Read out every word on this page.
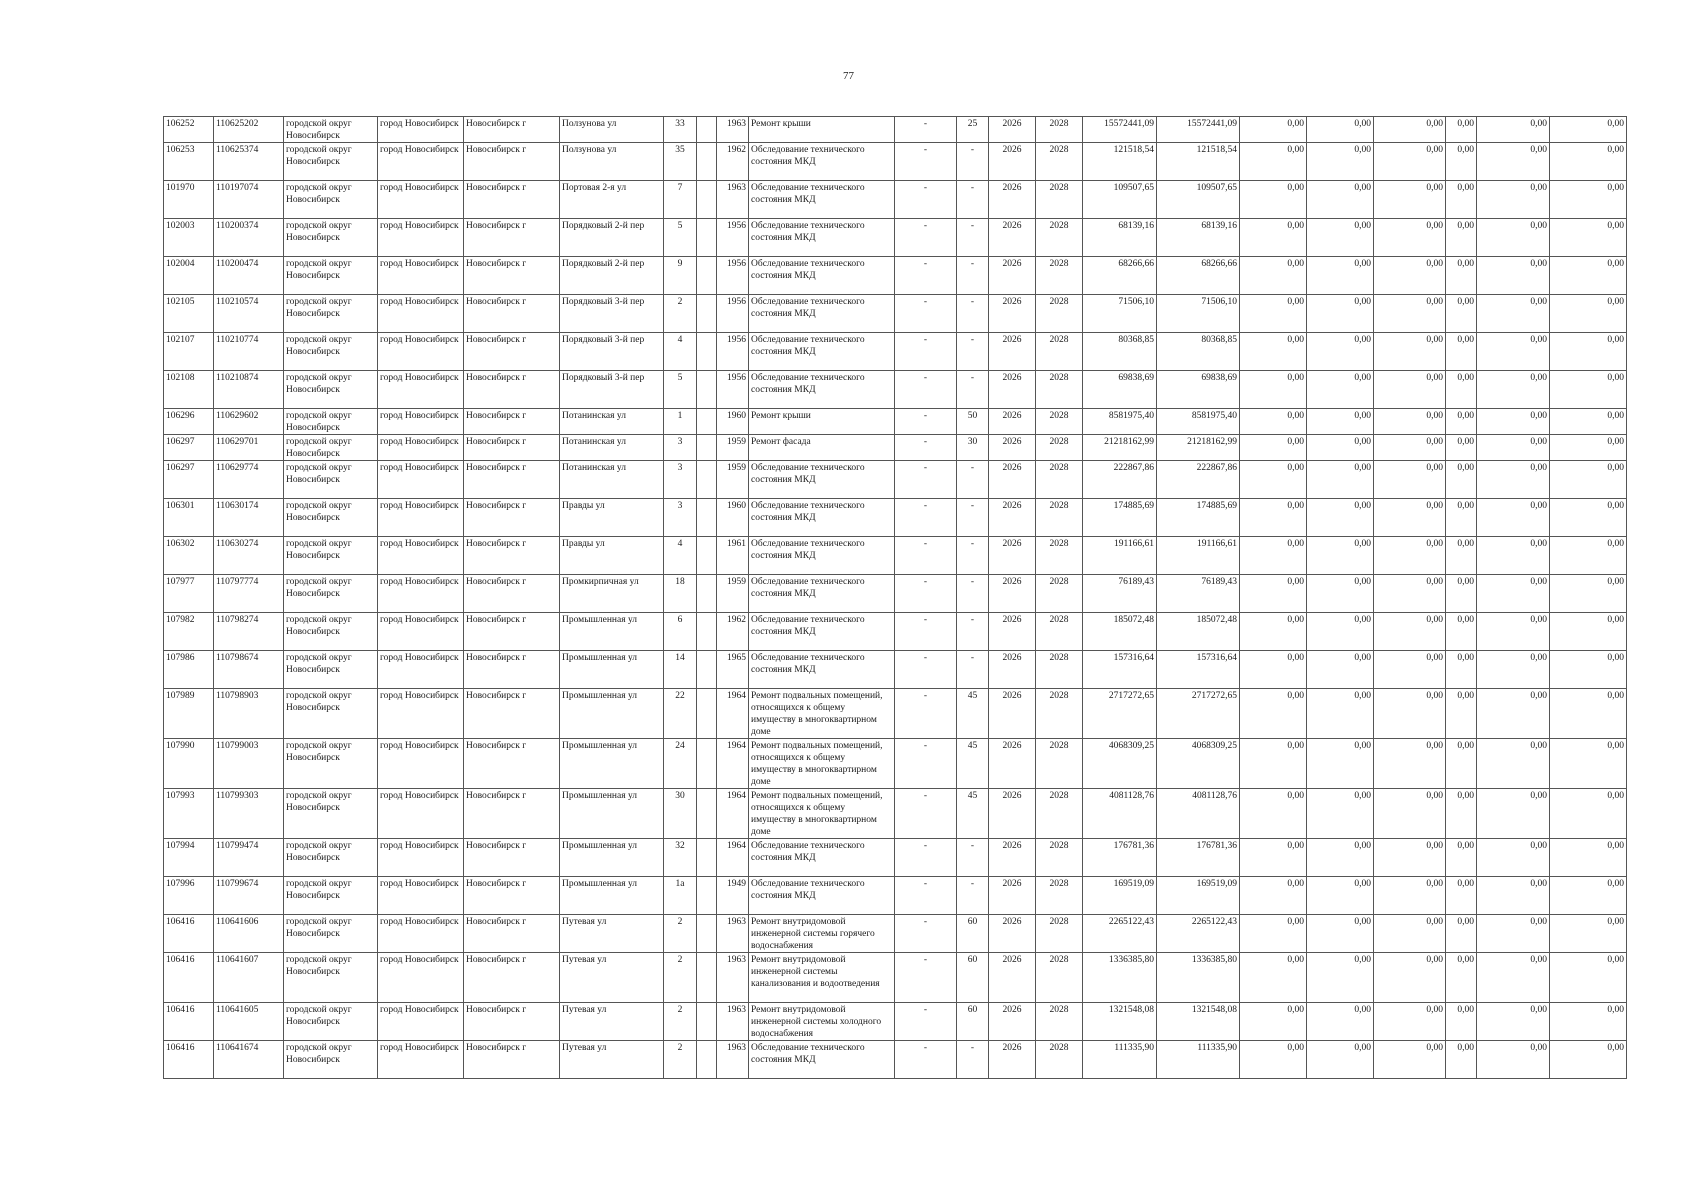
77
106252	110625202	городской округ Новосибирск	город Новосибирск	Новосибирск г	Ползунова ул	33		1963	Ремонт крыши	-	25	2026	2028	15572441,09	15572441,09	0,00	0,00	0,00	0,00	0,00	0,00
106253	110625374	городской округ Новосибирск	город Новосибирск	Новосибирск г	Ползунова ул	35		1962	Обследование технического состояния МКД	-	-	2026	2028	121518,54	121518,54	0,00	0,00	0,00	0,00	0,00	0,00
101970	110197074	городской округ Новосибирск	город Новосибирск	Новосибирск г	Портовая 2-я ул	7		1963	Обследование технического состояния МКД	-	-	2026	2028	109507,65	109507,65	0,00	0,00	0,00	0,00	0,00	0,00
102003	110200374	городской округ Новосибирск	город Новосибирск	Новосибирск г	Порядковый 2-й пер	5		1956	Обследование технического состояния МКД	-	-	2026	2028	68139,16	68139,16	0,00	0,00	0,00	0,00	0,00	0,00
102004	110200474	городской округ Новосибирск	город Новосибирск	Новосибирск г	Порядковый 2-й пер	9		1956	Обследование технического состояния МКД	-	-	2026	2028	68266,66	68266,66	0,00	0,00	0,00	0,00	0,00	0,00
102105	110210574	городской округ Новосибирск	город Новосибирск	Новосибирск г	Порядковый 3-й пер	2		1956	Обследование технического состояния МКД	-	-	2026	2028	71506,10	71506,10	0,00	0,00	0,00	0,00	0,00	0,00
102107	110210774	городской округ Новосибирск	город Новосибирск	Новосибирск г	Порядковый 3-й пер	4		1956	Обследование технического состояния МКД	-	-	2026	2028	80368,85	80368,85	0,00	0,00	0,00	0,00	0,00	0,00
102108	110210874	городской округ Новосибирск	город Новосибирск	Новосибирск г	Порядковый 3-й пер	5		1956	Обследование технического состояния МКД	-	-	2026	2028	69838,69	69838,69	0,00	0,00	0,00	0,00	0,00	0,00
106296	110629602	городской округ Новосибирск	город Новосибирск	Новосибирск г	Потанинская ул	1		1960	Ремонт крыши	-	50	2026	2028	8581975,40	8581975,40	0,00	0,00	0,00	0,00	0,00	0,00
106297	110629701	городской округ Новосибирск	город Новосибирск	Новосибирск г	Потанинская ул	3		1959	Ремонт фасада	-	30	2026	2028	21218162,99	21218162,99	0,00	0,00	0,00	0,00	0,00	0,00
106297	110629774	городской округ Новосибирск	город Новосибирск	Новосибирск г	Потанинская ул	3		1959	Обследование технического состояния МКД	-	-	2026	2028	222867,86	222867,86	0,00	0,00	0,00	0,00	0,00	0,00
106301	110630174	городской округ Новосибирск	город Новосибирск	Новосибирск г	Правды ул	3		1960	Обследование технического состояния МКД	-	-	2026	2028	174885,69	174885,69	0,00	0,00	0,00	0,00	0,00	0,00
106302	110630274	городской округ Новосибирск	город Новосибирск	Новосибирск г	Правды ул	4		1961	Обследование технического состояния МКД	-	-	2026	2028	191166,61	191166,61	0,00	0,00	0,00	0,00	0,00	0,00
107977	110797774	городской округ Новосибирск	город Новосибирск	Новосибирск г	Промкирпичная ул	18		1959	Обследование технического состояния МКД	-	-	2026	2028	76189,43	76189,43	0,00	0,00	0,00	0,00	0,00	0,00
107982	110798274	городской округ Новосибирск	город Новосибирск	Новосибирск г	Промышленная ул	6		1962	Обследование технического состояния МКД	-	-	2026	2028	185072,48	185072,48	0,00	0,00	0,00	0,00	0,00	0,00
107986	110798674	городской округ Новосибирск	город Новосибирск	Новосибирск г	Промышленная ул	14		1965	Обследование технического состояния МКД	-	-	2026	2028	157316,64	157316,64	0,00	0,00	0,00	0,00	0,00	0,00
107989	110798903	городской округ Новосибирск	город Новосибирск	Новосибирск г	Промышленная ул	22		1964	Ремонт подвальных помещений, относящихся к общему имуществу в многоквартирном доме	-	45	2026	2028	2717272,65	2717272,65	0,00	0,00	0,00	0,00	0,00	0,00
107990	110799003	городской округ Новосибирск	город Новосибирск	Новосибирск г	Промышленная ул	24		1964	Ремонт подвальных помещений, относящихся к общему имуществу в многоквартирном доме	-	45	2026	2028	4068309,25	4068309,25	0,00	0,00	0,00	0,00	0,00	0,00
107993	110799303	городской округ Новосибирск	город Новосибирск	Новосибирск г	Промышленная ул	30		1964	Ремонт подвальных помещений, относящихся к общему имуществу в многоквартирном доме	-	45	2026	2028	4081128,76	4081128,76	0,00	0,00	0,00	0,00	0,00	0,00
107994	110799474	городской округ Новосибирск	город Новосибирск	Новосибирск г	Промышленная ул	32		1964	Обследование технического состояния МКД	-	-	2026	2028	176781,36	176781,36	0,00	0,00	0,00	0,00	0,00	0,00
107996	110799674	городской округ Новосибирск	город Новосибирск	Новосибирск г	Промышленная ул	1а		1949	Обследование технического состояния МКД	-	-	2026	2028	169519,09	169519,09	0,00	0,00	0,00	0,00	0,00	0,00
106416	110641606	городской округ Новосибирск	город Новосибирск	Новосибирск г	Путевая ул	2		1963	Ремонт внутридомовой инженерной системы горячего водоснабжения	-	60	2026	2028	2265122,43	2265122,43	0,00	0,00	0,00	0,00	0,00	0,00
106416	110641607	городской округ Новосибирск	город Новосибирск	Новосибирск г	Путевая ул	2		1963	Ремонт внутридомовой инженерной системы канализования и водоотведения	-	60	2026	2028	1336385,80	1336385,80	0,00	0,00	0,00	0,00	0,00	0,00
106416	110641605	городской округ Новосибирск	город Новосибирск	Новосибирск г	Путевая ул	2		1963	Ремонт внутридомовой инженерной системы холодного водоснабжения	-	60	2026	2028	1321548,08	1321548,08	0,00	0,00	0,00	0,00	0,00	0,00
106416	110641674	городской округ Новосибирск	город Новосибирск	Новосибирск г	Путевая ул	2		1963	Обследование технического состояния МКД	-	-	2026	2028	111335,90	111335,90	0,00	0,00	0,00	0,00	0,00	0,00
